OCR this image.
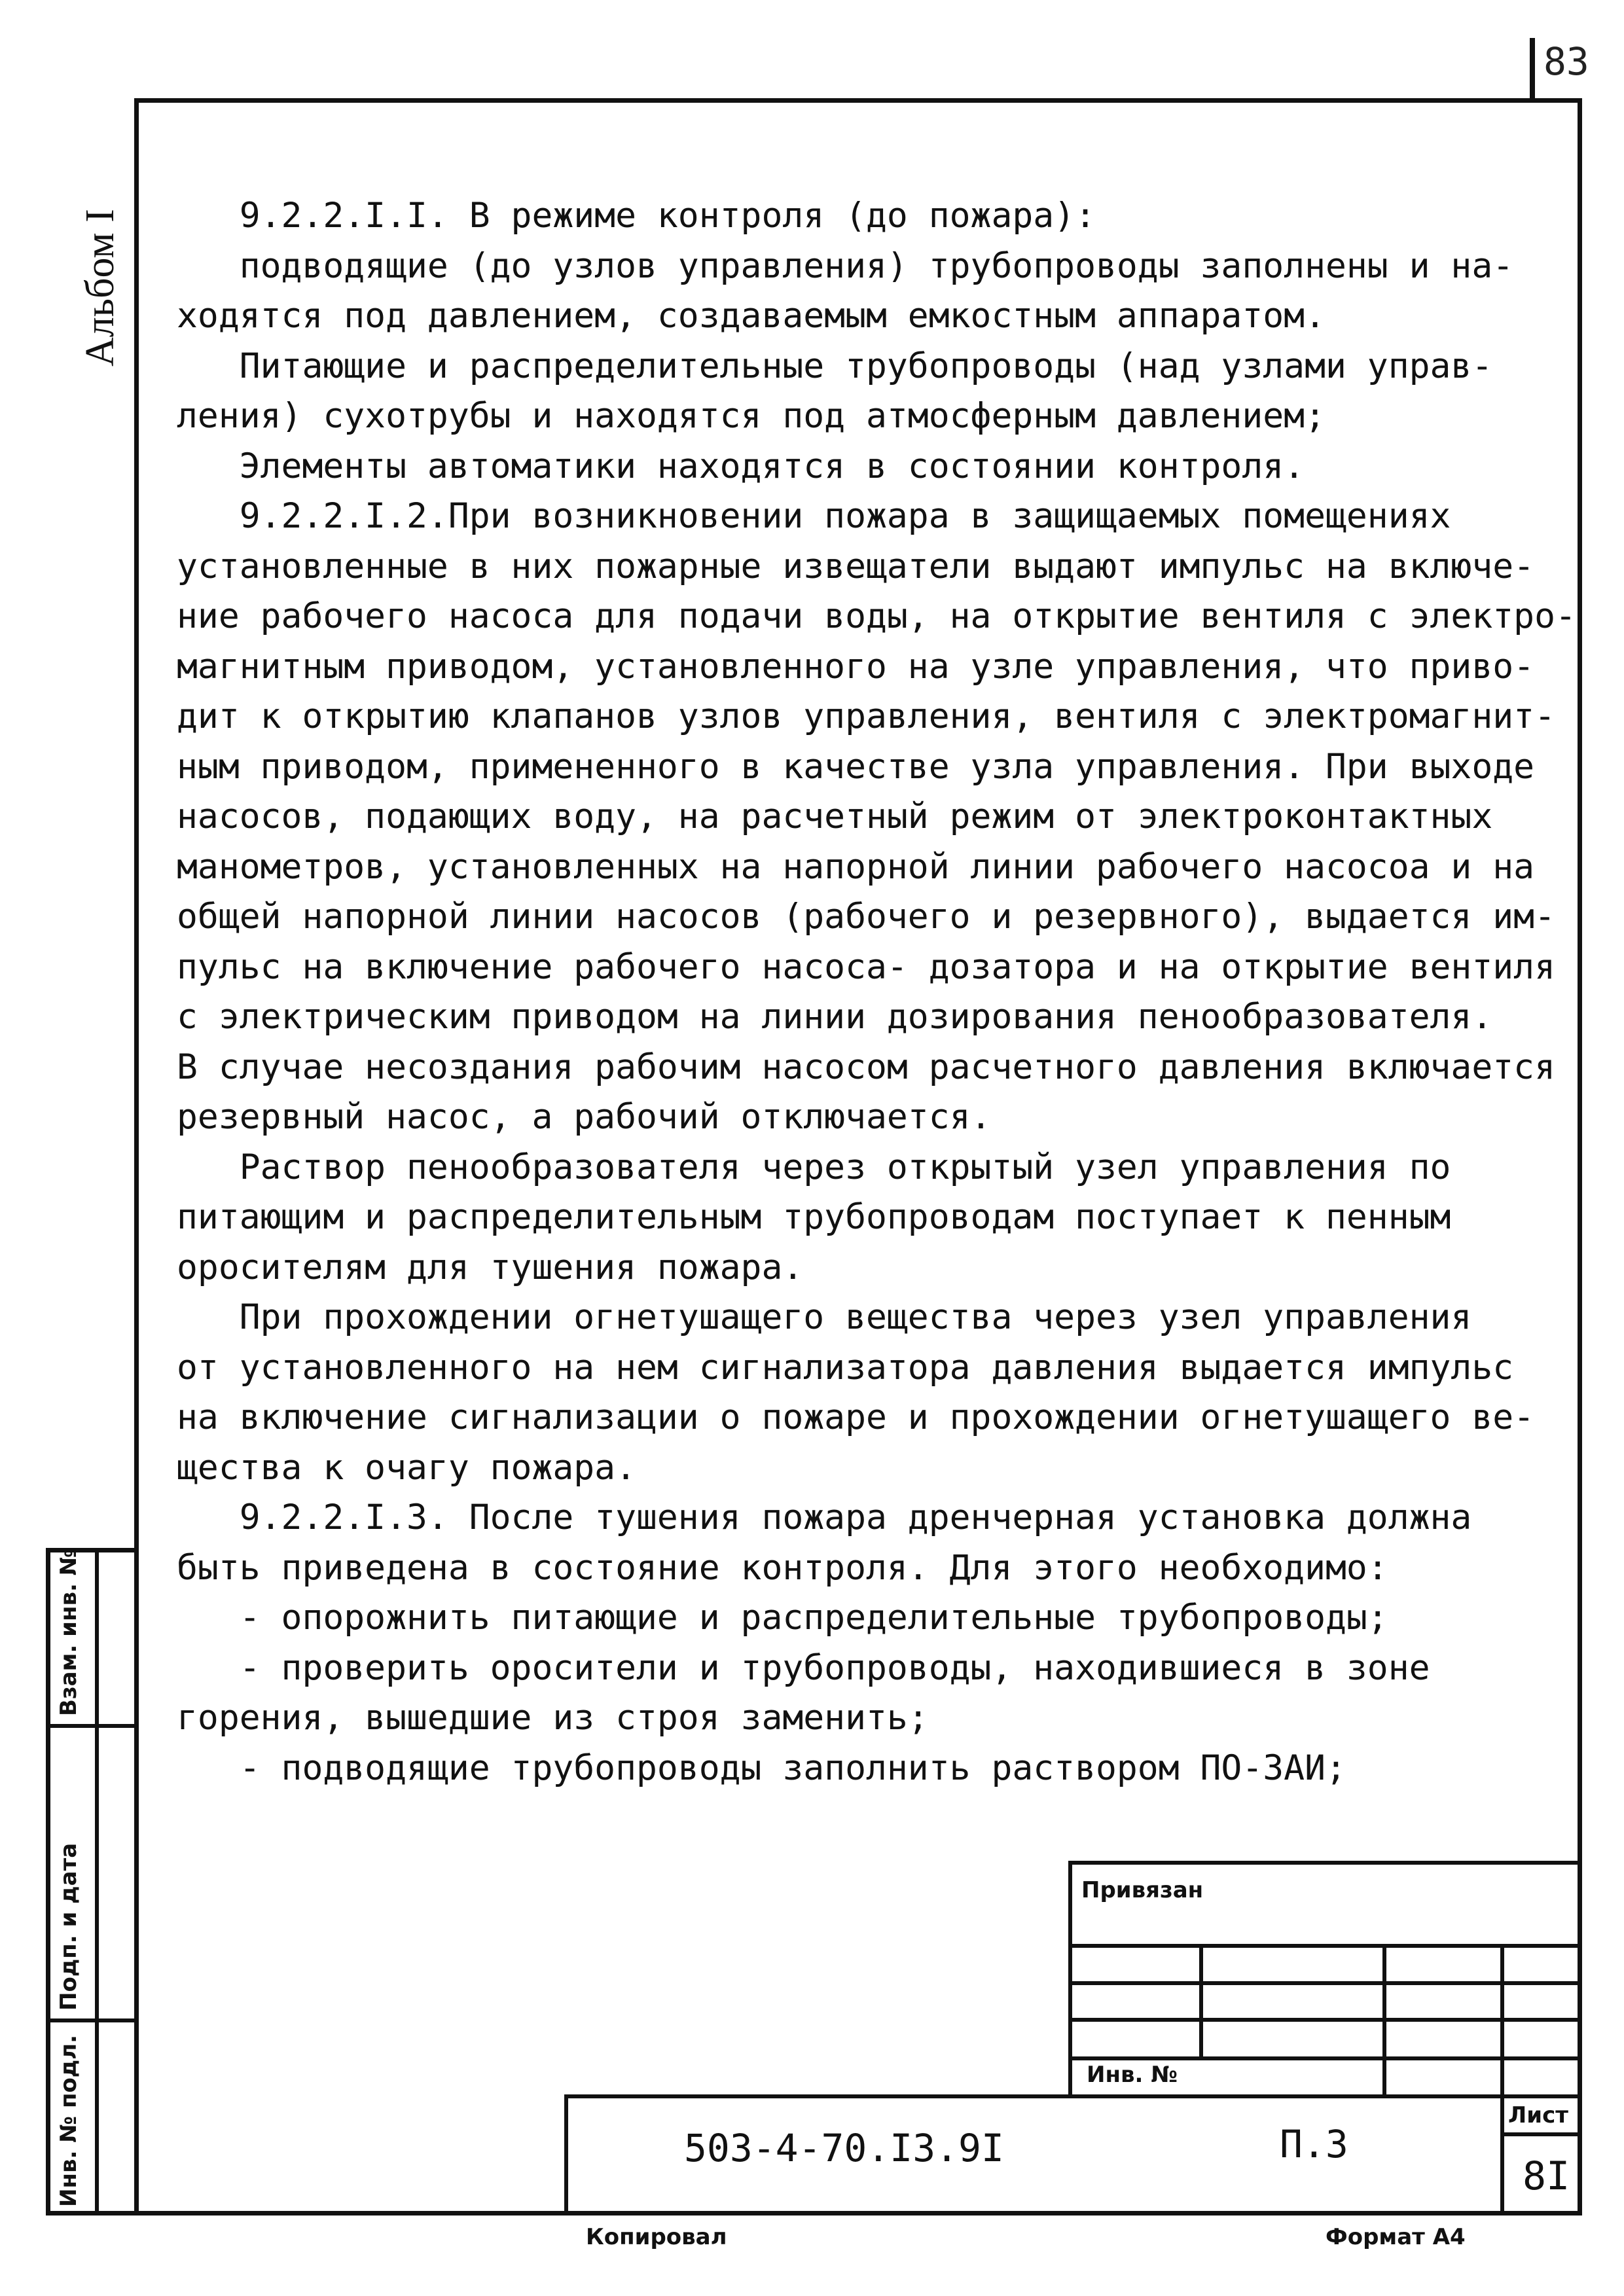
83
Альбом I 9.2.2.I.I. В режиме контроля (до пожара):
подводящие (до узлов управления) трубопроводы заполнены и на-
ходятся под давлением, создаваемым емкостным аппаратом.
Питающие и распределительные трубопроводы (над узлами управ-
ления) сухотрубы и находятся под атмосферным давлением;
Элементы автоматики находятся в состоянии контроля.
9.2.2.I.2.При возникновении пожара в защищаемых помещениях
установленные в них пожарные извещатели выдают импульс на включе-
ние рабочего насоса для подачи воды, на открытие вентиля с электро-
магнитным приводом, установленного на узле управления, что приво-
дит к открытию клапанов узлов управления, вентиля с электромагнит-
ным приводом, примененного в качестве узла управления. При выходе
насосов, подающих воду, на расчетный режим от электроконтактных
манометров, установленных на напорной линии рабочего насосоа и на
общей напорной линии насосов (рабочего и резервного), выдается им-
пульс на включение рабочего насоса- дозатора и на открытие вентиля
с электрическим приводом на линии дозирования пенообразователя.
В случае несоздания рабочим насосом расчетного давления включается
резервный насос, а рабочий отключается.
Раствор пенообразователя через открытый узел управления по
питающим и распределительным трубопроводам поступает к пенным
оросителям для тушения пожара.
При прохождении огнетушащего вещества через узел управления
от установленного на нем сигнализатора давления выдается импульс
на включение сигнализации о пожаре и прохождении огнетушащего ве-
щества к очагу пожара.
9.2.2.I.3. После тушения пожара дренчерная установка должна
быть приведена в состояние контроля. Для этого необходимо:
- опорожнить питающие и распределительные трубопроводы;
- проверить оросители и трубопроводы, находившиеся в зоне
горения, вышедшие из строя заменить;
- подводящие трубопроводы заполнить раствором ПО-ЗАИ;
Взам. инв. №
Подп. и дата
Инв. № подл.
Привязан
Инв. №
503-4-70.I3.9I	П.3
Лист
8I
Копировал	Формат А4
